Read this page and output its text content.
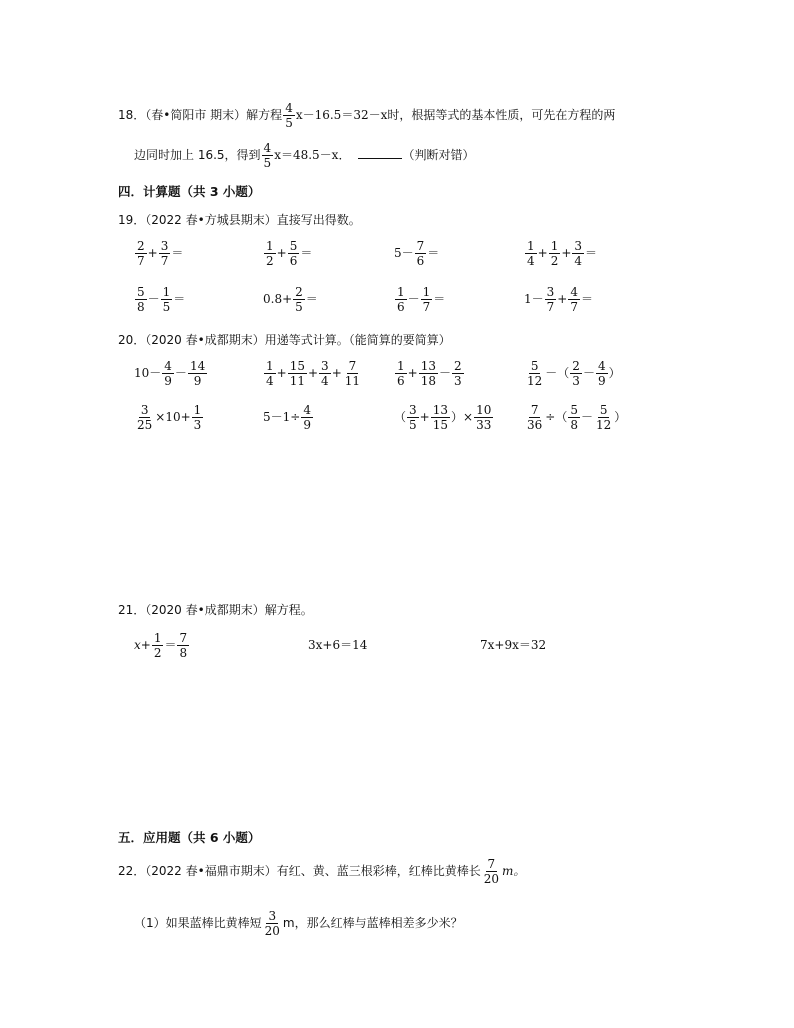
18．（春•简阳市 期末）解方程 $\frac{4}{5} x-16.5=32-x$时，根据等式的基本性质，可先在方程的两
边同时加上 16.5，得到 $\frac{4}{5} x=48.5-x$．	（判断对错）
四．计算题（共 3 小题）
19．（2022 春•方城县期末）直接写出得数。
$\frac{2}{7} + \frac{3}{7}$ ＝	$\frac{1}{2} + \frac{5}{6}$ ＝	$5- \frac{7}{6}$ ＝	$\frac{1}{4} + \frac{1}{2} + \frac{3}{4}$ ＝
$\frac{5}{8} - \frac{1}{5}$ ＝	$0.8+ \frac{2}{5}$ ＝	$\frac{1}{6} - \frac{1}{7}$ ＝	$1- \frac{3}{7} + \frac{4}{7}$ ＝
20．（2020 春•成都期末）用递等式计算。（能简算的要简算）
$10- \frac{4}{9} - \frac{14}{9}$	$\frac{1}{4} + \frac{15}{11} + \frac{3}{4} + \frac{7}{11}$	$\frac{1}{6} + \frac{13}{18} - \frac{2}{3}$	$\frac{5}{12}$ －（ $\frac{2}{3} - \frac{4}{9}$ ）
$\frac{3}{25} \times 10+ \frac{1}{3}$	$5-1\div \frac{4}{9}$	（ $\frac{3}{5} + \frac{13}{15}$ ）× $\frac{10}{33}$	$\frac{7}{36}$ ÷（ $\frac{5}{8} - \frac{5}{12}$ ）
21．（2020 春•成都期末）解方程。
$x+ \frac{1}{2} = \frac{7}{8}$	3x+6＝14	7x+9x＝32
五．应用题（共 6 小题）
22．（2022 春•福鼎市期末）有红、黄、蓝三根彩棒，红棒比黄棒长 $\frac{7}{20}$ m。
（1）如果蓝棒比黄棒短 $\frac{3}{20}$ m，那么红棒与蓝棒相差多少米？
